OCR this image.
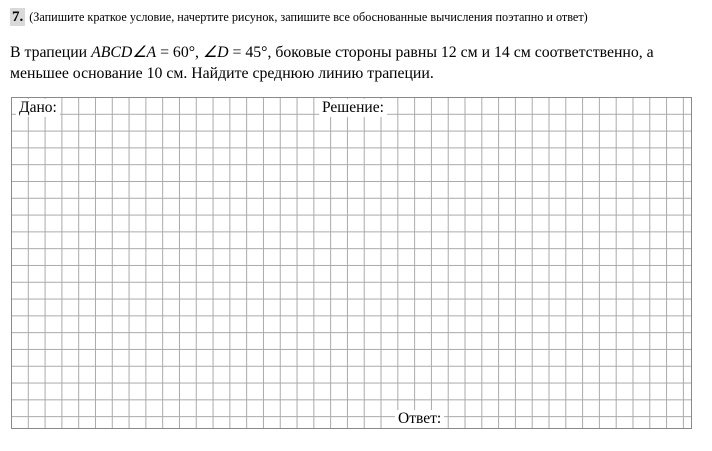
7. (Запишите краткое условие, начертите рисунок, запишите все обоснованные вычисления поэтапно и ответ)
В трапеции ABCD∠A = 60°, ∠D = 45°, боковые стороны равны 12 см и 14 см соответственно, а
меньшее основание 10 см. Найдите среднюю линию трапеции.
Дано:	Решение:
Ответ:
